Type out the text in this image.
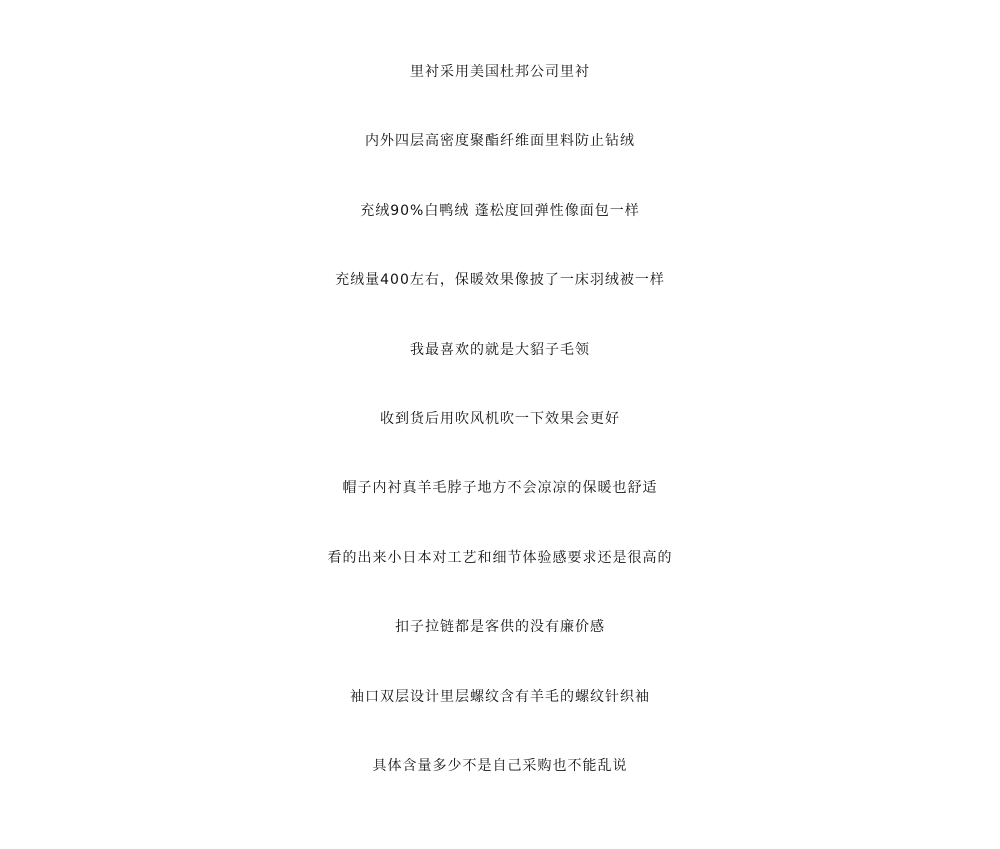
里衬采用美国杜邦公司里衬
内外四层高密度聚酯纤维面里料防止钻绒
充绒90%白鸭绒 蓬松度回弹性像面包一样
充绒量400左右，保暖效果像披了一床羽绒被一样
我最喜欢的就是大貂子毛领
收到货后用吹风机吹一下效果会更好
帽子内衬真羊毛脖子地方不会凉凉的保暖也舒适
看的出来小日本对工艺和细节体验感要求还是很高的
扣子拉链都是客供的没有廉价感
袖口双层设计里层螺纹含有羊毛的螺纹针织袖
具体含量多少不是自己采购也不能乱说
